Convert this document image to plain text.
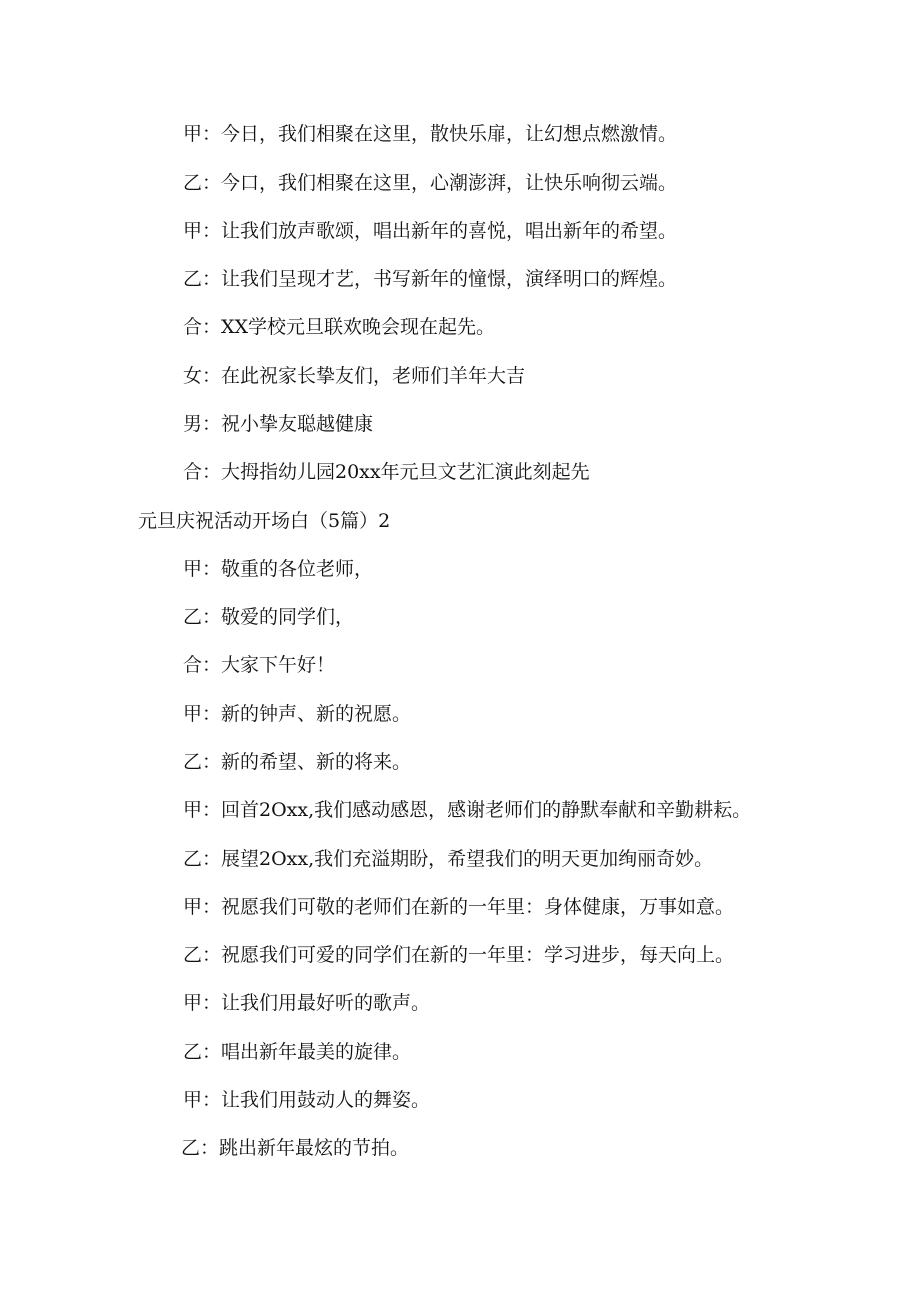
甲：今日，我们相聚在这里，散快乐扉，让幻想点燃激情。
乙：今口，我们相聚在这里，心潮澎湃，让快乐响彻云端。
甲：让我们放声歌颂，唱出新年的喜悦，唱出新年的希望。
乙：让我们呈现才艺，书写新年的憧憬，演绎明口的辉煌。
合：XX学校元旦联欢晚会现在起先。
女：在此祝家长挚友们，老师们羊年大吉
男：祝小挚友聪越健康
合：大拇指幼儿园20xx年元旦文艺汇演此刻起先
元旦庆祝活动开场白（5篇）2
甲：敬重的各位老师，
乙：敬爱的同学们，
合：大家下午好！
甲：新的钟声、新的祝愿。
乙：新的希望、新的将来。
甲：回首2Oxx,我们感动感恩，感谢老师们的静默奉献和辛勤耕耘。
乙：展望2Oxx,我们充溢期盼，希望我们的明天更加绚丽奇妙。
甲：祝愿我们可敬的老师们在新的一年里：身体健康，万事如意。
乙：祝愿我们可爱的同学们在新的一年里：学习进步，每天向上。
甲：让我们用最好听的歌声。
乙：唱出新年最美的旋律。
甲：让我们用鼓动人的舞姿。
乙：跳出新年最炫的节拍。
